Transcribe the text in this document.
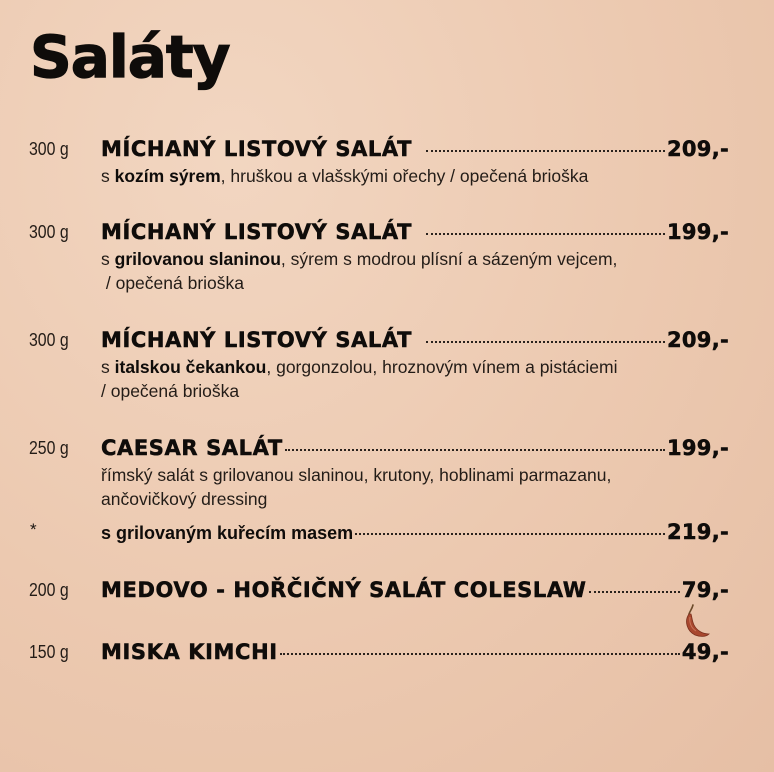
Saláty
300 g MÍCHANÝ LISTOVÝ SALÁT	209,-
s kozím sýrem, hruškou a vlašskými ořechy / opečená brioška
300 g MÍCHANÝ LISTOVÝ SALÁT	199,-
s grilovanou slaninou, sýrem s modrou plísní a sázeným vejcem,
/ opečená brioška
300 g MÍCHANÝ LISTOVÝ SALÁT	209,-
s italskou čekankou, gorgonzolou, hroznovým vínem a pistáciemi
/ opečená brioška
250 g CAESAR SALÁT	199,-
římský salát s grilovanou slaninou, krutony, hoblinami parmazanu,
ančovičkový dressing
*	s grilovaným kuřecím masem	219,-
200 g MEDOVO - HOŘČIČNÝ SALÁT COLESLAW	79,-
150 g MISKA KIMCHI	49,-
